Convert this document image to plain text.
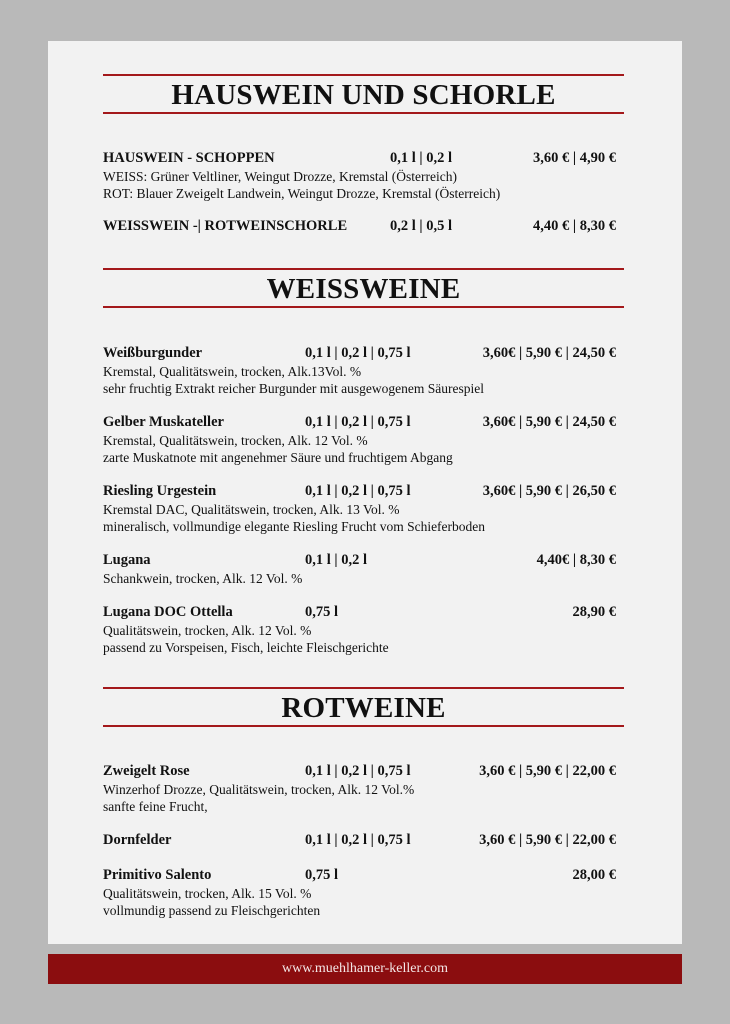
HAUSWEIN UND SCHORLE
HAUSWEIN - SCHOPPEN	0,1 l | 0,2 l	3,60 € | 4,90 €
WEISS: Grüner Veltliner, Weingut Drozze, Kremstal (Österreich)
ROT: Blauer Zweigelt Landwein, Weingut Drozze, Kremstal (Österreich)
WEISSWEIN -| ROTWEINSCHORLE	0,2 l | 0,5 l	4,40 € | 8,30 €
WEISSWEINE
Weißburgunder	0,1 l | 0,2 l | 0,75 l	3,60€ | 5,90 € | 24,50 €
Kremstal, Qualitätswein, trocken, Alk.13Vol. %
sehr fruchtig Extrakt reicher Burgunder mit ausgewogenem Säurespiel
Gelber Muskateller	0,1 l | 0,2 l | 0,75 l	3,60€ | 5,90 € | 24,50 €
Kremstal, Qualitätswein, trocken, Alk. 12 Vol. %
zarte Muskatnote mit angenehmer Säure und fruchtigem Abgang
Riesling Urgestein	0,1 l | 0,2 l | 0,75 l	3,60€ | 5,90 € | 26,50 €
Kremstal DAC, Qualitätswein, trocken, Alk. 13 Vol. %
mineralisch, vollmundige elegante Riesling Frucht vom Schieferboden
Lugana	0,1 l | 0,2 l	4,40€ | 8,30 €
Schankwein, trocken, Alk. 12 Vol. %
Lugana DOC Ottella	0,75 l	28,90 €
Qualitätswein, trocken, Alk. 12 Vol. %
passend zu Vorspeisen, Fisch, leichte Fleischgerichte
ROTWEINE
Zweigelt Rose	0,1 l | 0,2 l | 0,75 l	3,60 € | 5,90 € | 22,00 €
Winzerhof Drozze, Qualitätswein, trocken, Alk. 12 Vol.%
sanfte feine Frucht,
Dornfelder	0,1 l | 0,2 l | 0,75 l	3,60 € | 5,90 € | 22,00 €
Primitivo Salento	0,75 l	28,00 €
Qualitätswein, trocken, Alk. 15 Vol. %
vollmundig passend zu Fleischgerichten
www.muehlhamer-keller.com
